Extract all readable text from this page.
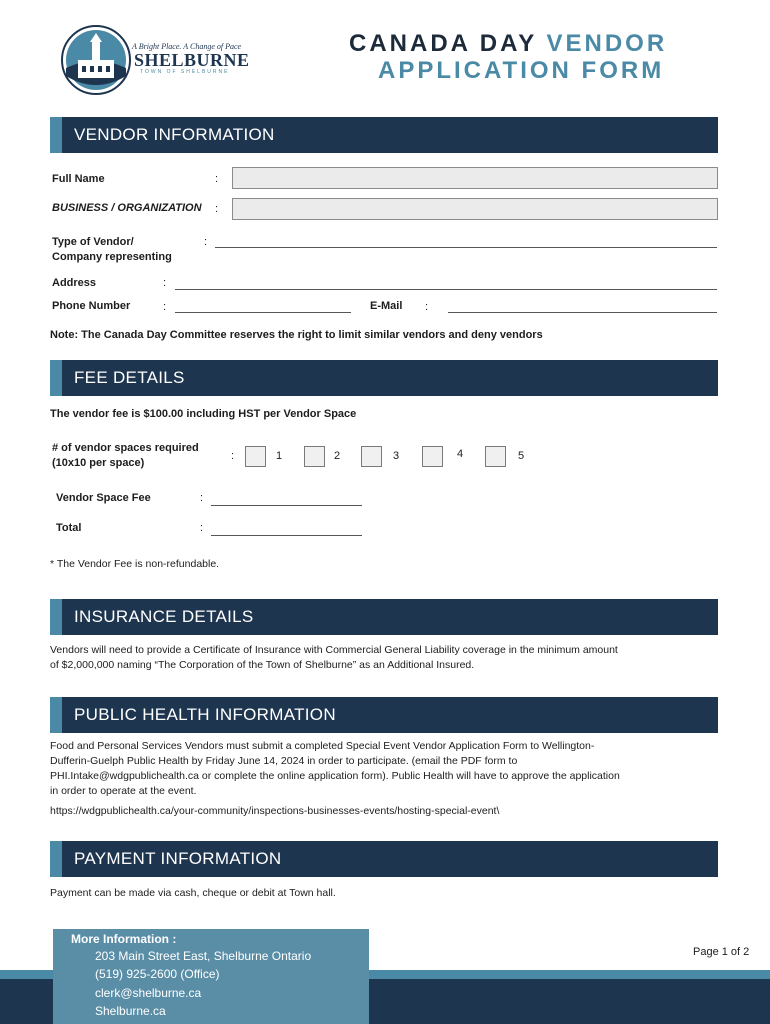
A Bright Place. A Change of Pace
SHELBURNE
TOWN OF SHELBURNE
CANADA DAY VENDOR
APPLICATION FORM
VENDOR INFORMATION
Full Name	:
BUSINESS / ORGANIZATION :
Type of Vendor/
Company representing
:
Address	:
Phone Number	:	E-Mail :
Note: The Canada Day Committee reserves the right to limit similar vendors and deny vendors
FEE DETAILS
The vendor fee is $100.00 including HST per Vendor Space
# of vendor spaces required
(10x10 per space)
:	1	2	3	4	5
Vendor Space Fee	:
Total	:
* The Vendor Fee is non-refundable.
INSURANCE DETAILS
Vendors will need to provide a Certificate of Insurance with Commercial General Liability coverage in the minimum amount
of $2,000,000 naming “The Corporation of the Town of Shelburne” as an Additional Insured.
PUBLIC HEALTH INFORMATION
Food and Personal Services Vendors must submit a completed Special Event Vendor Application Form to Wellington-
Dufferin-Guelph Public Health by Friday June 14, 2024 in order to participate. (email the PDF form to
PHI.Intake@wdgpublichealth.ca or complete the online application form). Public Health will have to approve the application
in order to operate at the event.
https://wdgpublichealth.ca/your-community/inspections-businesses-events/hosting-special-event\
PAYMENT INFORMATION
Payment can be made via cash, cheque or debit at Town hall.
More Information :
203 Main Street East, Shelburne Ontario
(519) 925-2600 (Office)
clerk@shelburne.ca
Shelburne.ca
Page 1 of 2
